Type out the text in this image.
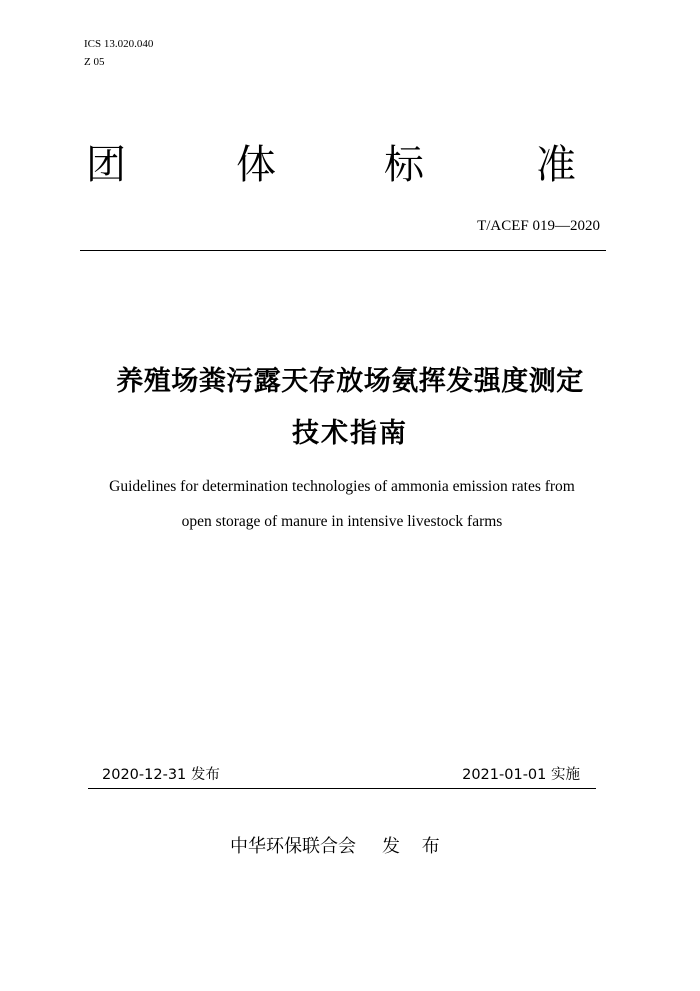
ICS 13.020.040
Z 05
团	体	标	准
T/ACEF 019—2020
养殖场粪污露天存放场氨挥发强度测定
技术指南
Guidelines for determination technologies of ammonia emission rates from
open storage of manure in intensive livestock farms
2020-12-31 发布	2021-01-01 实施
中华环保联合会 发 布
